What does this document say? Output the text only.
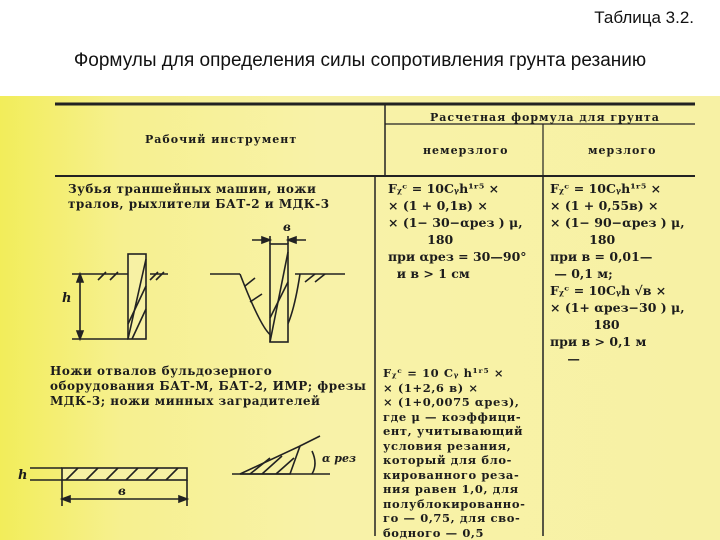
Таблица 3.2.
Формулы для определения силы сопротивления грунта резанию
Рабочий инструмент
Расчетная формула для грунта
немерзлого	мерзлого
Зубья траншейных машин, ножи тралов, рыхлители БАТ-2 и МДК-3
Ножи отвалов бульдозерного оборудования БАТ-М, БАТ-2, ИМР; фрезы МДК-3; ножи минных заградителей
h
в
h
в
α рез
Fᵪᶜ = 10Cᵧh¹ʳ⁵ ×
× (1 + 0,1в) ×
× (1− 30−αрез ) μ,
180
при αрез = 30—90°
и в > 1 см
Fᵪᶜ = 10Cᵧh¹ʳ⁵ ×
× (1 + 0,55в) ×
× (1− 90−αрез ) μ,
180
при в = 0,01—
— 0,1 м;
Fᵪᶜ = 10Cᵧh √в ×
× (1+ αрез−30 ) μ,
180
при в > 0,1 м
—
Fᵪᶜ = 10 Cᵧ h¹ʳ⁵ ×
× (1+2,6 в) ×
× (1+0,0075 αрез),
где μ — коэффици-
ент, учитывающий
условия резания,
который для бло-
кированного реза-
ния равен 1,0, для
полублокированно-
го — 0,75, для сво-
бодного — 0,5
